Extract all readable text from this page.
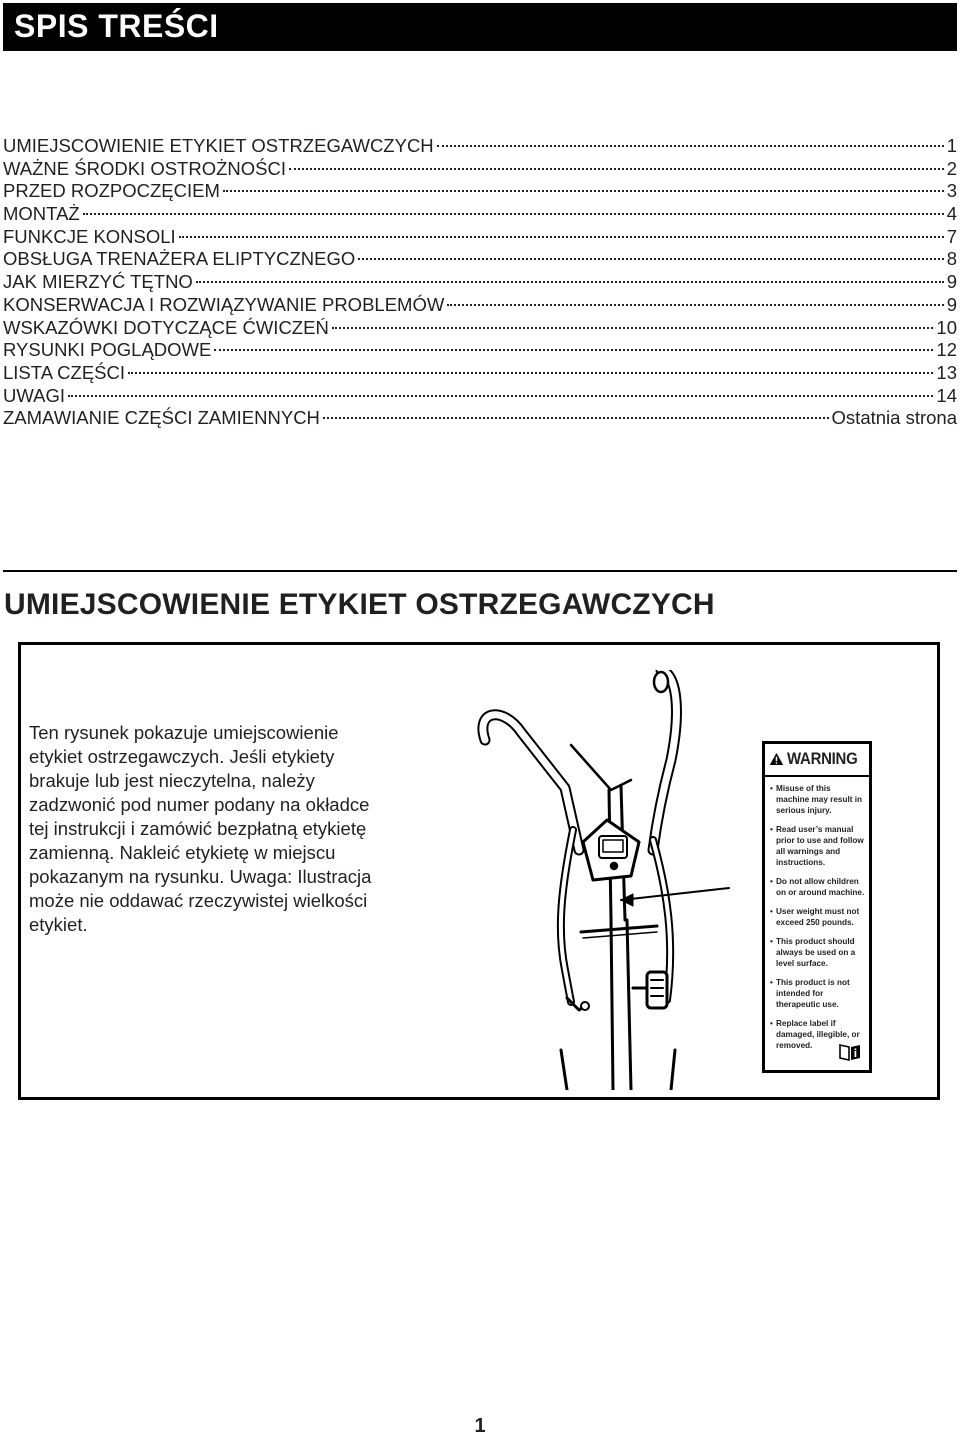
SPIS TREŚCI
UMIEJSCOWIENIE ETYKIET OSTRZEGAWCZYCH	1
WAŻNE ŚRODKI OSTROŻNOŚCI	2
PRZED ROZPOCZĘCIEM	3
MONTAŻ	4
FUNKCJE KONSOLI	7
OBSŁUGA TRENAŻERA ELIPTYCZNEGO	8
JAK MIERZYĆ TĘTNO	9
KONSERWACJA I ROZWIĄZYWANIE PROBLEMÓW	9
WSKAZÓWKI DOTYCZĄCE ĆWICZEŃ	10
RYSUNKI POGLĄDOWE	12
LISTA CZĘŚCI	13
UWAGI	14
ZAMAWIANIE CZĘŚCI ZAMIENNYCH	Ostatnia strona
UMIEJSCOWIENIE ETYKIET OSTRZEGAWCZYCH

Ten rysunek pokazuje umiejscowienie etykiet ostrzegawczych. Jeśli etykiety brakuje lub jest nieczytelna, należy zadzwonić pod numer podany na okładce tej instrukcji i zamówić bezpłatną etykietę zamienną. Nakleić etykietę w miejscu pokazanym na rysunku. Uwaga: Ilustracja może nie oddawać rzeczywistej wielkości etykiet.

WARNING
• Misuse of this machine may result in serious injury.
• Read user’s manual prior to use and follow all warnings and instructions.
• Do not allow children on or around machine.
• User weight must not exceed 250 pounds.
• This product should always be used on a level surface.
• This product is not intended for therapeutic use.
• Replace label if damaged, illegible, or removed.
1
